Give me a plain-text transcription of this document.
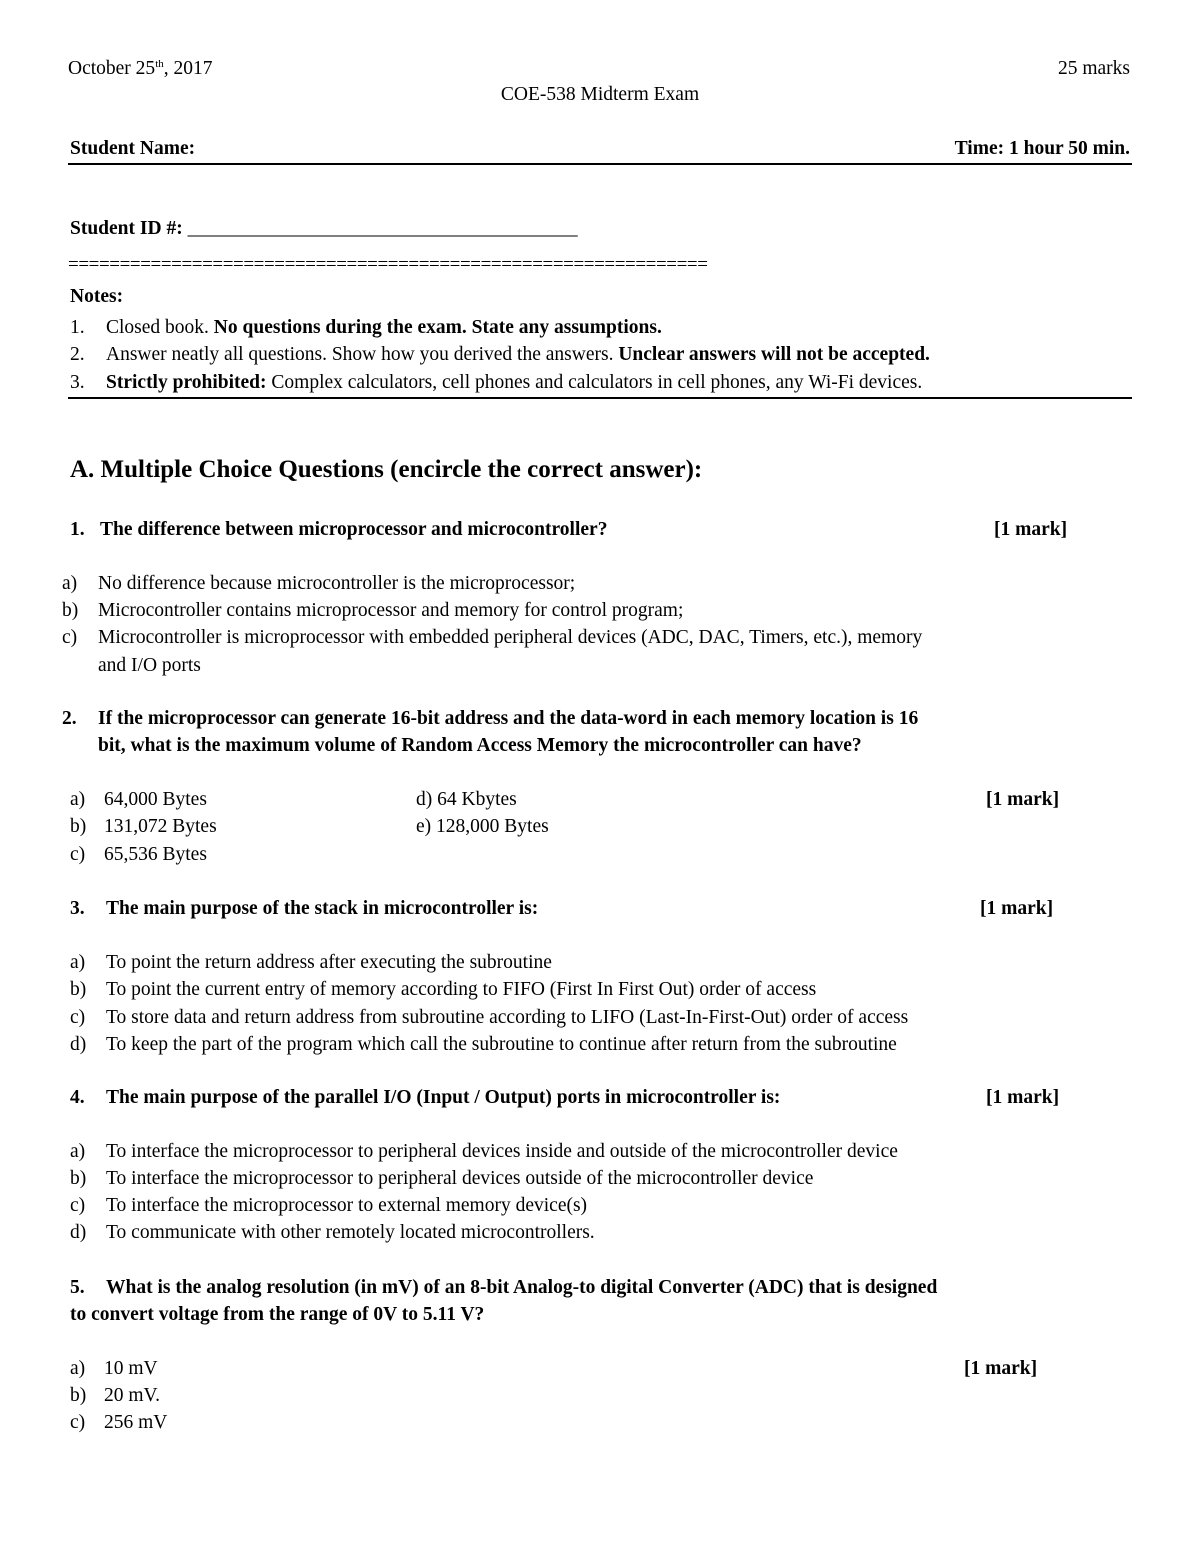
October 25th, 2017	25 marks
COE-538 Midterm Exam
Student Name:	Time: 1 hour 50 min.
Student ID #: ________________________________________
==============================================================
Notes:
1. Closed book. No questions during the exam. State any assumptions.
2. Answer neatly all questions. Show how you derived the answers. Unclear answers will not be accepted.
3. Strictly prohibited: Complex calculators, cell phones and calculators in cell phones, any Wi-Fi devices.
A. Multiple Choice Questions (encircle the correct answer):
1. The difference between microprocessor and microcontroller?	[1 mark]
a) No difference because microcontroller is the microprocessor;
b) Microcontroller contains microprocessor and memory for control program;
c) Microcontroller is microprocessor with embedded peripheral devices (ADC, DAC, Timers, etc.), memory
and I/O ports
2. If the microprocessor can generate 16-bit address and the data-word in each memory location is 16
bit, what is the maximum volume of Random Access Memory the microcontroller can have?
a) 64,000 Bytes
b) 131,072 Bytes
c) 65,536 Bytes
d) 64 Kbytes
e) 128,000 Bytes
[1 mark]
3. The main purpose of the stack in microcontroller is:	[1 mark]
a) To point the return address after executing the subroutine
b) To point the current entry of memory according to FIFO (First In First Out) order of access
c) To store data and return address from subroutine according to LIFO (Last-In-First-Out) order of access
d) To keep the part of the program which call the subroutine to continue after return from the subroutine
4. The main purpose of the parallel I/O (Input / Output) ports in microcontroller is:	[1 mark]
a) To interface the microprocessor to peripheral devices inside and outside of the microcontroller device
b) To interface the microprocessor to peripheral devices outside of the microcontroller device
c) To interface the microprocessor to external memory device(s)
d) To communicate with other remotely located microcontrollers.
5. What is the analog resolution (in mV) of an 8-bit Analog-to digital Converter (ADC) that is designed
to convert voltage from the range of 0V to 5.11 V?
a) 10 mV
b) 20 mV.
c) 256 mV
[1 mark]
